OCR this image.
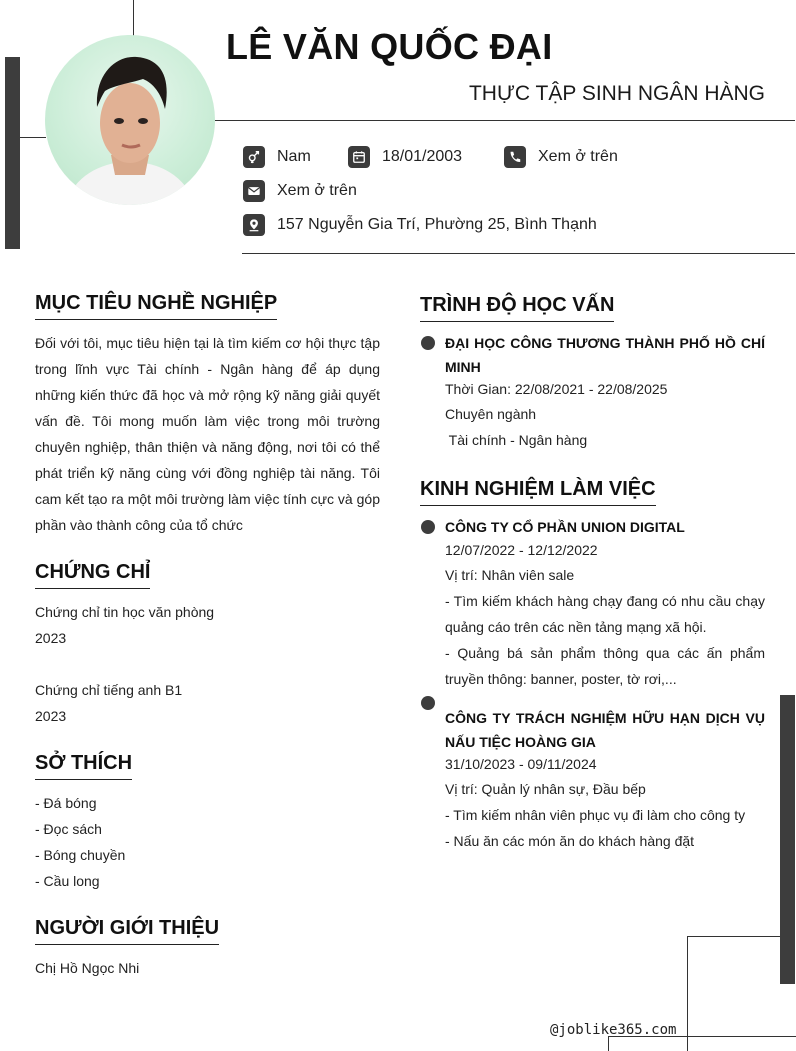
LÊ VĂN QUỐC ĐẠI
THỰC TẬP SINH NGÂN HÀNG
Nam	18/01/2003	Xem ở trên
Xem ở trên
157 Nguyễn Gia Trí, Phường 25, Bình Thạnh
MỤC TIÊU NGHỀ NGHIỆP
Đối với tôi, mục tiêu hiện tại là tìm kiếm cơ hội thực tập trong lĩnh vực Tài chính - Ngân hàng để áp dụng những kiến thức đã học và mở rộng kỹ năng giải quyết vấn đề. Tôi mong muốn làm việc trong môi trường chuyên nghiệp, thân thiện và năng động, nơi tôi có thể phát triển kỹ năng cùng với đồng nghiệp tài năng. Tôi cam kết tạo ra một môi trường làm việc tính cực và góp phần vào thành công của tổ chức
CHỨNG CHỈ
Chứng chỉ tin học văn phòng
2023
Chứng chỉ tiếng anh B1
2023
SỞ THÍCH
- Đá bóng
- Đọc sách
- Bóng chuyền
- Cầu long
NGƯỜI GIỚI THIỆU
Chị Hồ Ngọc Nhi
TRÌNH ĐỘ HỌC VẤN
ĐẠI HỌC CÔNG THƯƠNG THÀNH PHỐ HỒ CHÍ MINH
Thời Gian: 22/08/2021 - 22/08/2025
Chuyên ngành
Tài chính - Ngân hàng
KINH NGHIỆM LÀM VIỆC
CÔNG TY CỔ PHẦN UNION DIGITAL
12/07/2022 - 12/12/2022
Vị trí: Nhân viên sale
- Tìm kiếm khách hàng chạy đang có nhu cầu chạy quảng cáo trên các nền tảng mạng xã hội.
- Quảng bá sản phẩm thông qua các ấn phẩm truyền thông: banner, poster, tờ rơi,...
CÔNG TY TRÁCH NGHIỆM HỮU HẠN DỊCH VỤ NẤU TIỆC HOÀNG GIA
31/10/2023 - 09/11/2024
Vị trí: Quản lý nhân sự, Đầu bếp
- Tìm kiếm nhân viên phục vụ đi làm cho công ty
- Nấu ăn các món ăn do khách hàng đặt
@joblike365.com
